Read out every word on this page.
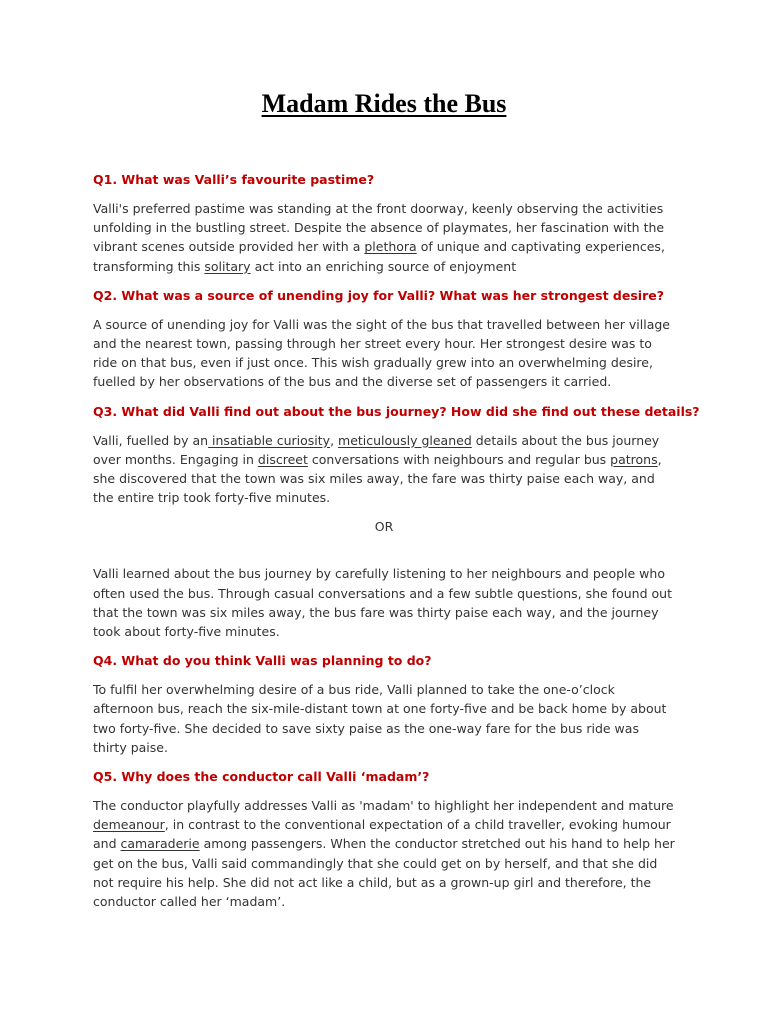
Madam Rides the Bus

Q1. What was Valli’s favourite pastime?

Valli's preferred pastime was standing at the front doorway, keenly observing the activities unfolding in the bustling street. Despite the absence of playmates, her fascination with the vibrant scenes outside provided her with a plethora of unique and captivating experiences, transforming this solitary act into an enriching source of enjoyment

Q2. What was a source of unending joy for Valli? What was her strongest desire?

A source of unending joy for Valli was the sight of the bus that travelled between her village and the nearest town, passing through her street every hour. Her strongest desire was to ride on that bus, even if just once. This wish gradually grew into an overwhelming desire, fuelled by her observations of the bus and the diverse set of passengers it carried.

Q3. What did Valli find out about the bus journey? How did she find out these details?

Valli, fuelled by an insatiable curiosity, meticulously gleaned details about the bus journey over months. Engaging in discreet conversations with neighbours and regular bus patrons, she discovered that the town was six miles away, the fare was thirty paise each way, and the entire trip took forty-five minutes.

OR

Valli learned about the bus journey by carefully listening to her neighbours and people who often used the bus. Through casual conversations and a few subtle questions, she found out that the town was six miles away, the bus fare was thirty paise each way, and the journey took about forty-five minutes.

Q4. What do you think Valli was planning to do?

To fulfil her overwhelming desire of a bus ride, Valli planned to take the one-o’clock afternoon bus, reach the six-mile-distant town at one forty-five and be back home by about two forty-five. She decided to save sixty paise as the one-way fare for the bus ride was thirty paise.

Q5. Why does the conductor call Valli ‘madam’?

The conductor playfully addresses Valli as 'madam' to highlight her independent and mature demeanour, in contrast to the conventional expectation of a child traveller, evoking humour and camaraderie among passengers. When the conductor stretched out his hand to help her get on the bus, Valli said commandingly that she could get on by herself, and that she did not require his help. She did not act like a child, but as a grown-up girl and therefore, the conductor called her ‘madam’.
